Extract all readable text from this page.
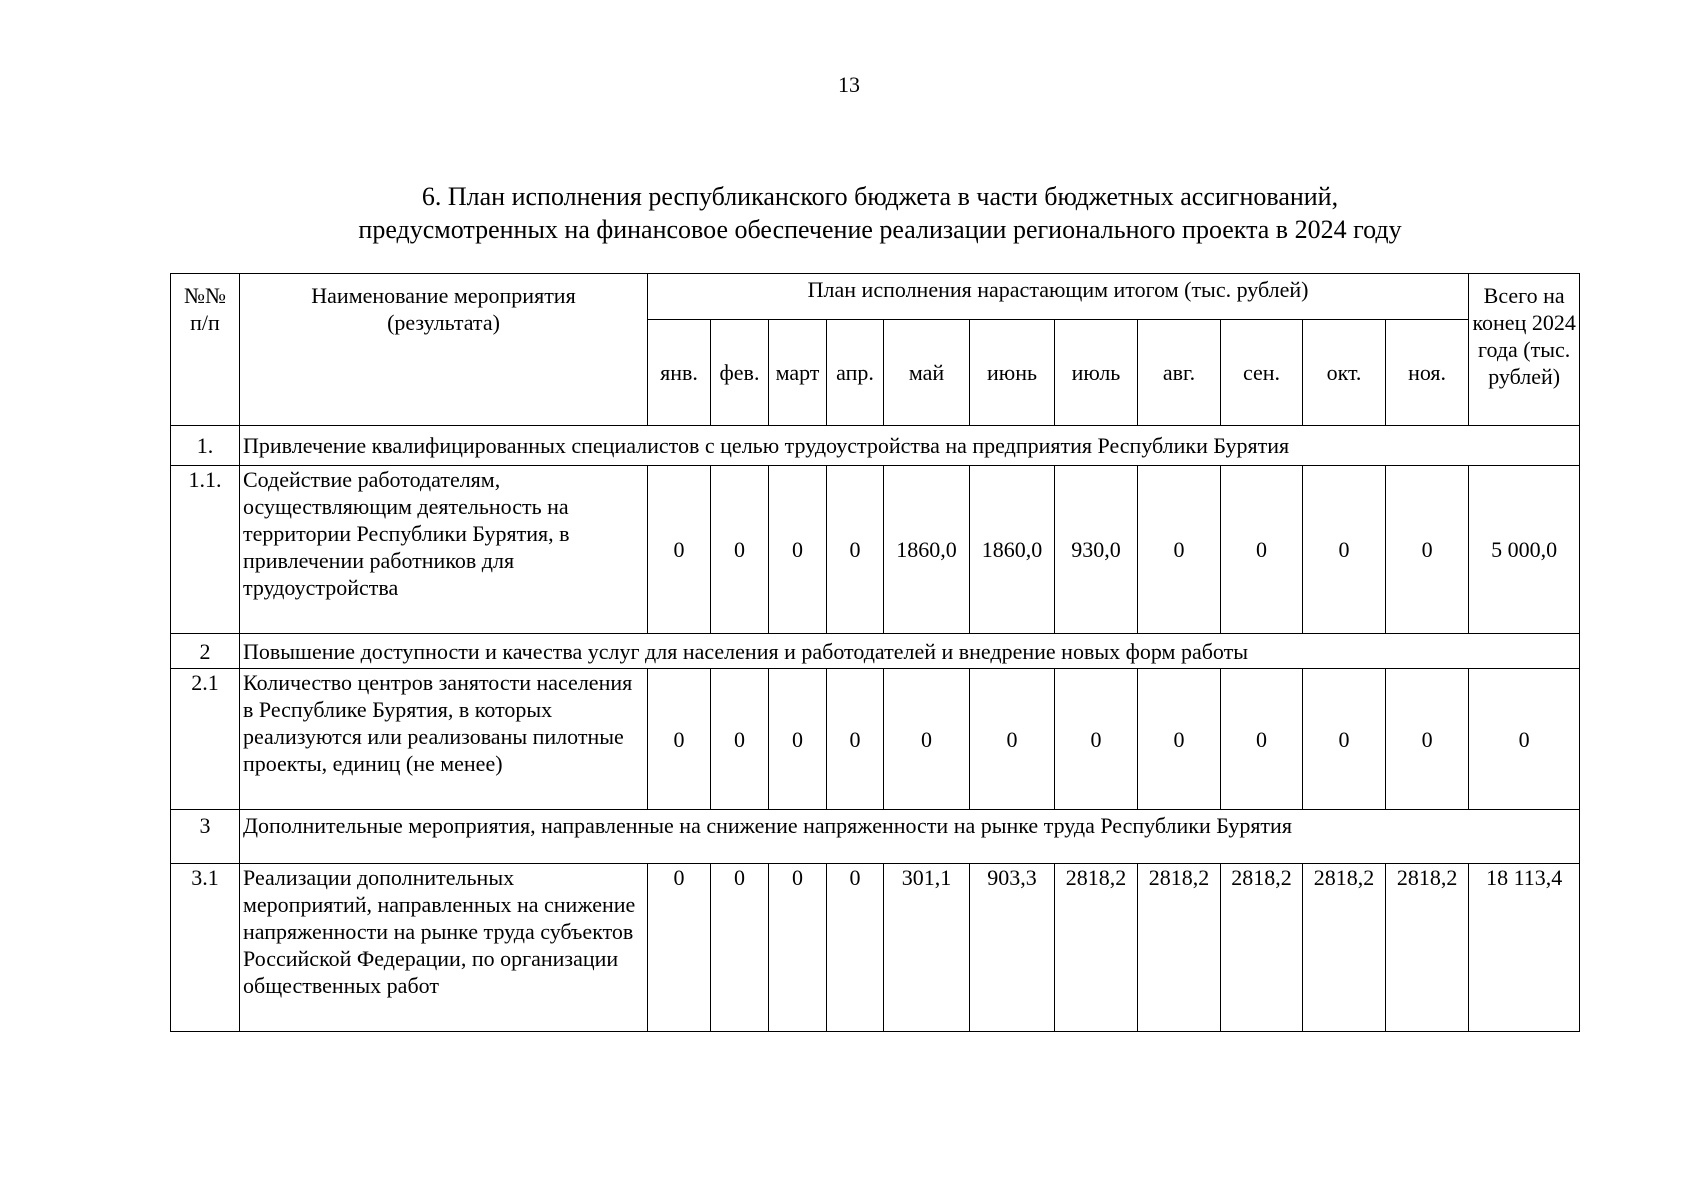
13
6. План исполнения республиканского бюджета в части бюджетных ассигнований,
предусмотренных на финансовое обеспечение реализации регионального проекта в 2024 году
№№ п/п	Наименование мероприятия (результата)	План исполнения нарастающим итогом (тыс. рублей)											Всего на конец 2024 года (тыс. рублей)
		янв.	фев.	март	апр.	май	июнь	июль	авг.	сен.	окт.	ноя.	
1.	Привлечение квалифицированных специалистов с целью трудоустройства на предприятия Республики Бурятия												
1.1.	Содействие работодателям, осуществляющим деятельность на территории Республики Бурятия, в привлечении работников для трудоустройства	0	0	0	0	1860,0	1860,0	930,0	0	0	0	0	5 000,0
2	Повышение доступности и качества услуг для населения и работодателей и внедрение новых форм работы												
2.1	Количество центров занятости населения в Республике Бурятия, в которых реализуются или реализованы пилотные проекты, единиц (не менее)	0	0	0	0	0	0	0	0	0	0	0	0
3	Дополнительные мероприятия, направленные на снижение напряженности на рынке труда Республики Бурятия												
3.1	Реализации дополнительных мероприятий, направленных на снижение напряженности на рынке труда субъектов Российской Федерации, по организации общественных работ	0	0	0	0	301,1	903,3	2818,2	2818,2	2818,2	2818,2	2818,2	18 113,4
